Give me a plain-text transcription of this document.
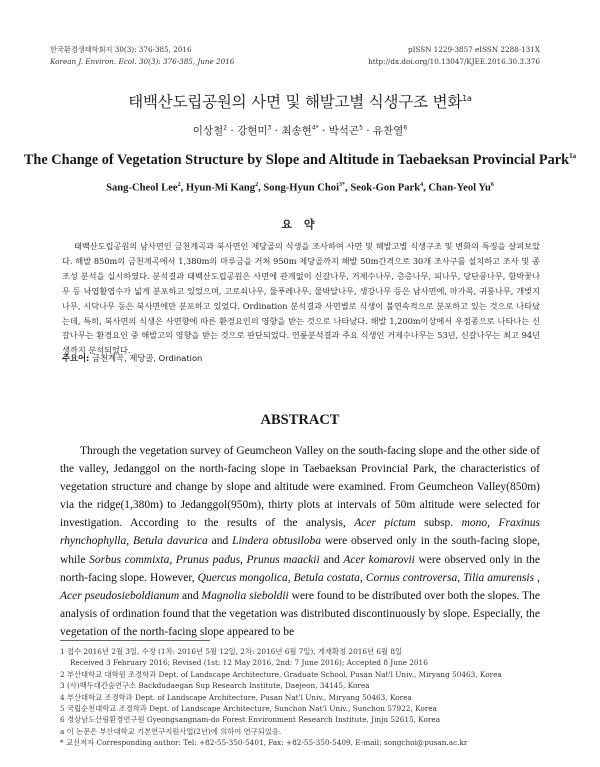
한국환경생태학회지 30(3): 376-385, 2016
Korean J. Environ. Ecol. 30(3): 376-385, June 2016
pISSN 1229-3857 eISSN 2288-131X
http://dx.doi.org/10.13047/KJEE.2016.30.3.376
태백산도립공원의 사면 및 해발고별 식생구조 변화$^{1a}$
이상철$^2$ · 강현미$^3$ · 최송현$^{4*}$ · 박석곤$^5$ · 유찬열$^6$
The Change of Vegetation Structure by Slope and Altitude in Taebaeksan Provincial Park$^{1a}$
Sang-Cheol Lee$^2$, Hyun-Mi Kang$^2$, Song-Hyun Choi$^{3*}$, Seok-Gon Park$^4$, Chan-Yeol Yu$^6$
요 약
태백산도립공원의 남사면인 금천계곡과 북사면인 제당골의 식생을 조사하여 사면 및 해발고별 식생구조 및 변화의 특징을 살펴보았다. 해발 850m의 금천계곡에서 1,380m의 마루금을 거쳐 950m 제당골까지 해발 50m간격으로 30개 조사구를 설치하고 조사 및 종조성 분석을 실시하였다. 분석결과 태백산도립공원은 사면에 관계없이 신갈나무, 거제수나무, 층층나무, 피나무, 당단풍나무, 함박꽃나무 등 낙엽활엽수가 넓게 분포하고 있었으며, 고로쇠나무, 물푸레나무, 물박달나무, 생강나무 등은 남사면에, 마가목, 귀룽나무, 개벚지나무, 시닥나무 등은 북사면에만 분포하고 있었다. Ordination 분석결과 사면별로 식생이 불연속적으로 분포하고 있는 것으로 나타났는데, 특히, 북사면의 식생은 사면향에 따른 환경요인의 영향을 받는 것으로 나타났다. 해발 1,200m이상에서 우점종으로 나타나는 신갈나무는 환경요인 중 해발고의 영향을 받는 것으로 판단되었다. 연륜분석결과 주요 식생인 거제수나무는 53년, 신갈나무는 최고 94년생까지 분석되었다.
주요어: 금천계곡, 제당골, Ordination
ABSTRACT
Through the vegetation survey of Geumcheon Valley on the south-facing slope and the other side of the valley, Jedanggol on the north-facing slope in Taebaeksan Provincial Park, the characteristics of vegetation structure and change by slope and altitude were examined. From Geumcheon Valley(850m) via the ridge(1,380m) to Jedanggol(950m), thirty plots at intervals of 50m altitude were selected for investigation. According to the results of the analysis, Acer pictum subsp. mono, Fraxinus rhynchophylla, Betula davurica and Lindera obtusiloba were observed only in the south-facing slope, while Sorbus commixta, Prunus padus, Prunus maackii and Acer komarovii were observed only in the north-facing slope. However, Quercus mongolica, Betula costata, Cornus controversa, Tilia amurensis , Acer pseudosieboldianum and Magnolia sieboldii were found to be distributed over both the slopes. The analysis of ordination found that the vegetation was distributed discontinuously by slope. Especially, the vegetation of the north-facing slope appeared to be
1 접수 2016년 2월 3일, 수정 (1차: 2016년 5월 12일, 2차: 2016년 6월 7일), 게재확정 2016년 6월 8일
Received 3 February 2016; Revised (1st: 12 May 2016, 2nd: 7 June 2016); Accepted 8 June 2016
2 부산대학교 대학원 조경학과 Dept. of Landscape Architecture, Graduate School, Pusan Nat'l Univ., Miryang 50463, Korea
3 (사)백두대간숲연구소 Backdudaegan Sup Research Institute, Daejeon, 34145, Korea
4 부산대학교 조경학과 Dept. of Landscape Architecture, Pusan Nat'l Univ., Miryang 50463, Korea
5 국립순천대학교 조경학과 Dept. of Landscape Architecture, Sunchon Nat'l Univ., Sunchon 57922, Korea
6 경상남도산림환경연구원 Gyeongsangnam-do Forest Environment Research Institute, Jinju 52615, Korea
a 이 논문은 부산대학교 기본연구지원사업(2년)에 의하여 연구되었음.
* 교신저자 Corresponding author: Tel: +82-55-350-5401, Fax: +82-55-350-5409, E-mail: songchoi@pusan.ac.kr
